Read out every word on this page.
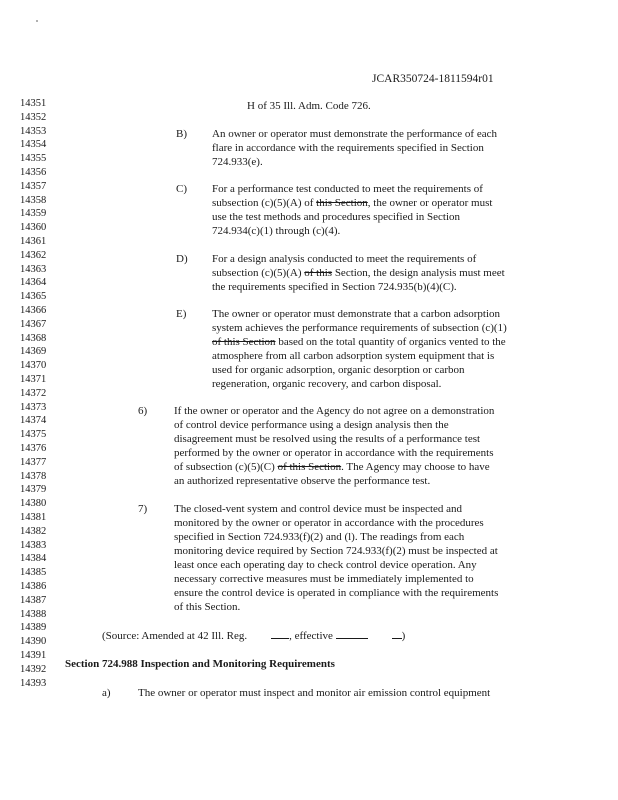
JCAR350724-1811594r01
14351
14352
14353
14354
14355
14356
14357
14358
14359
14360
14361
14362
14363
14364
14365
14366
14367
14368
14369
14370
14371
14372
14373
14374
14375
14376
14377
14378
14379
14380
14381
14382
14383
14384
14385
14386
14387
14388
14389
14390
14391
14392
14393
H of 35 Ill. Adm. Code 726.
B) An owner or operator must demonstrate the performance of each
flare in accordance with the requirements specified in Section
724.933(e).
C) For a performance test conducted to meet the requirements of
subsection (c)(5)(A) of this Section, the owner or operator must
use the test methods and procedures specified in Section
724.934(c)(1) through (c)(4).
D) For a design analysis conducted to meet the requirements of
subsection (c)(5)(A) of this Section, the design analysis must meet
the requirements specified in Section 724.935(b)(4)(C).
E) The owner or operator must demonstrate that a carbon adsorption
system achieves the performance requirements of subsection (c)(1)
of this Section based on the total quantity of organics vented to the
atmosphere from all carbon adsorption system equipment that is
used for organic adsorption, organic desorption or carbon
regeneration, organic recovery, and carbon disposal.
6) If the owner or operator and the Agency do not agree on a demonstration
of control device performance using a design analysis then the
disagreement must be resolved using the results of a performance test
performed by the owner or operator in accordance with the requirements
of subsection (c)(5)(C) of this Section. The Agency may choose to have
an authorized representative observe the performance test.
7) The closed-vent system and control device must be inspected and
monitored by the owner or operator in accordance with the procedures
specified in Section 724.933(f)(2) and (l). The readings from each
monitoring device required by Section 724.933(f)(2) must be inspected at
least once each operating day to check control device operation. Any
necessary corrective measures must be immediately implemented to
ensure the control device is operated in compliance with the requirements
of this Section.
(Source: Amended at 42 Ill. Reg.	, effective	)
Section 724.988 Inspection and Monitoring Requirements
a) The owner or operator must inspect and monitor air emission control equipment
